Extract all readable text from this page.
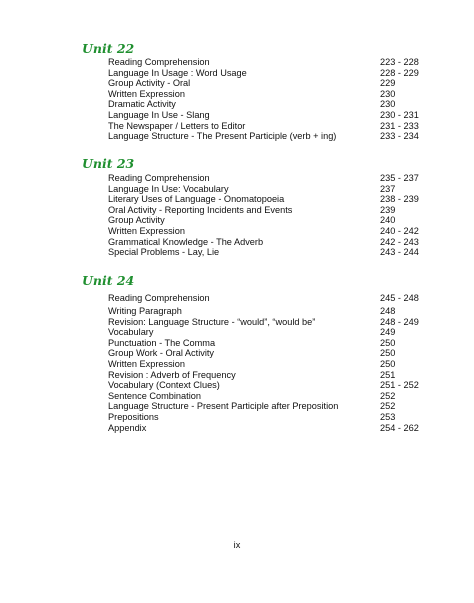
Unit 22
Reading Comprehension	223 - 228
Language In Usage : Word Usage	228 - 229
Group Activity - Oral	229
Written Expression	230
Dramatic Activity	230
Language In Use - Slang	230 - 231
The Newspaper / Letters to Editor	231 - 233
Language Structure - The Present Participle (verb + ing)	233 - 234
Unit 23
Reading Comprehension	235 - 237
Language In Use: Vocabulary	237
Literary Uses of Language - Onomatopoeia	238 - 239
Oral Activity - Reporting Incidents and Events	239
Group Activity	240
Written Expression	240 - 242
Grammatical Knowledge - The Adverb	242 - 243
Special Problems - Lay, Lie	243 - 244
Unit 24
Reading Comprehension	245 - 248
Writing Paragraph	248
Revision: Language Structure - “would”, “would be”	248 - 249
Vocabulary	249
Punctuation - The Comma	250
Group Work - Oral Activity	250
Written Expression	250
Revision : Adverb of Frequency	251
Vocabulary (Context Clues)	251 - 252
Sentence Combination	252
Language Structure - Present Participle after Preposition	252
Prepositions	253
Appendix	254 - 262
ix
